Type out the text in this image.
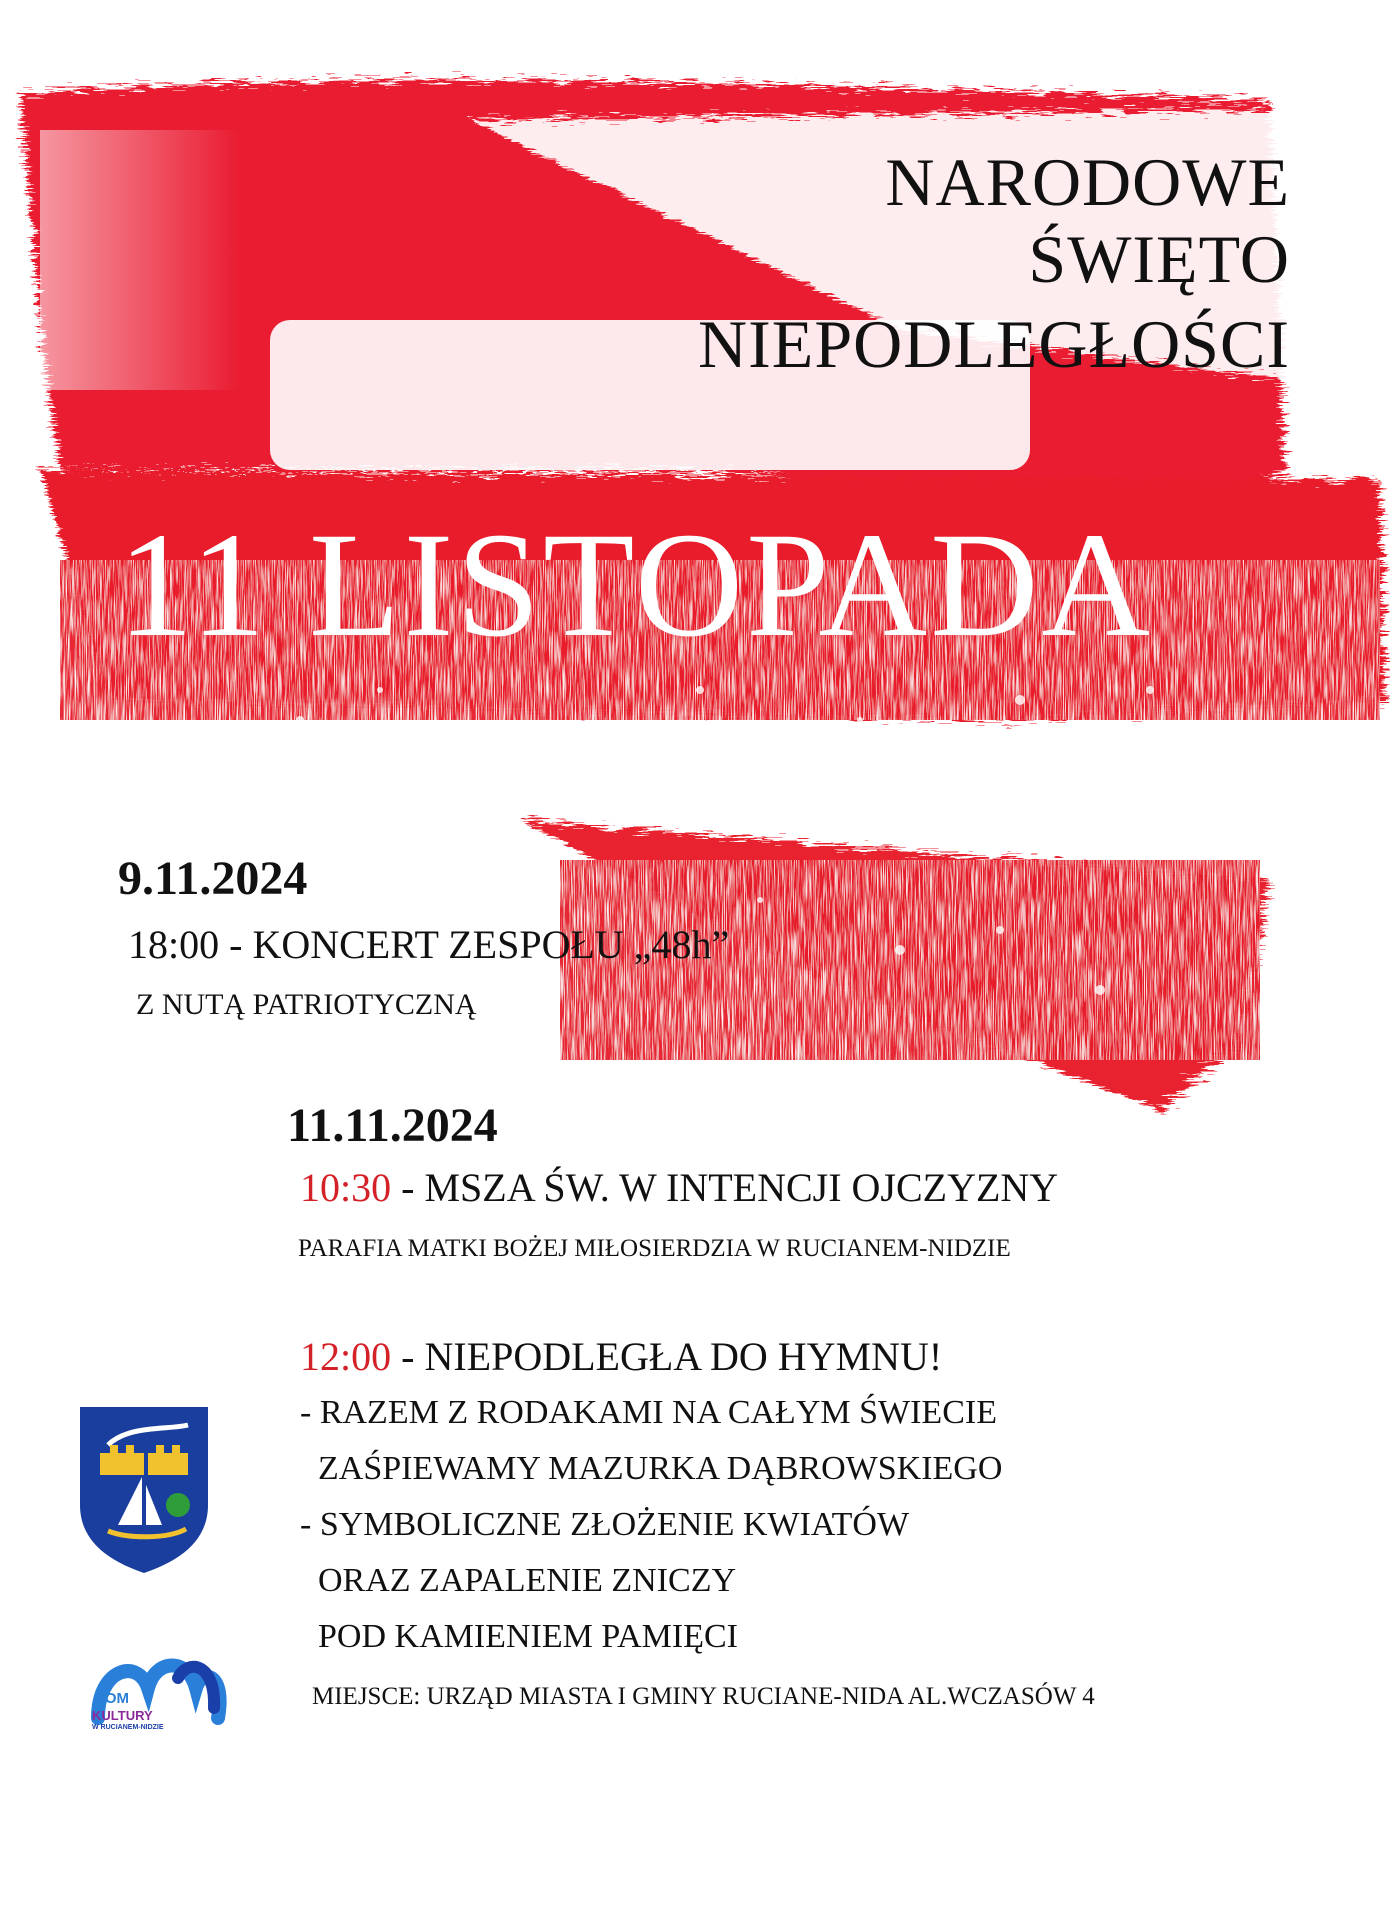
NARODOWE
ŚWIĘTO
NIEPODLEGŁOŚCI
11 LISTOPADA
9.11.2024
18:00 - KONCERT ZESPOŁU „48h”
Z NUTĄ PATRIOTYCZNĄ
11.11.2024
10:30 - MSZA ŚW. W INTENCJI OJCZYZNY
PARAFIA MATKI BOŻEJ MIŁOSIERDZIA W RUCIANEM-NIDZIE
12:00 - NIEPODLEGŁA DO HYMNU!
- RAZEM Z RODAKAMI NA CAŁYM ŚWIECIE
ZAŚPIEWAMY MAZURKA DĄBROWSKIEGO
- SYMBOLICZNE ZŁOŻENIE KWIATÓW
ORAZ ZAPALENIE ZNICZY
POD KAMIENIEM PAMIĘCI
MIEJSCE: URZĄD MIASTA I GMINY RUCIANE-NIDA AL.WCZASÓW 4
DOM
KULTURY
W RUCIANEM-NIDZIE
